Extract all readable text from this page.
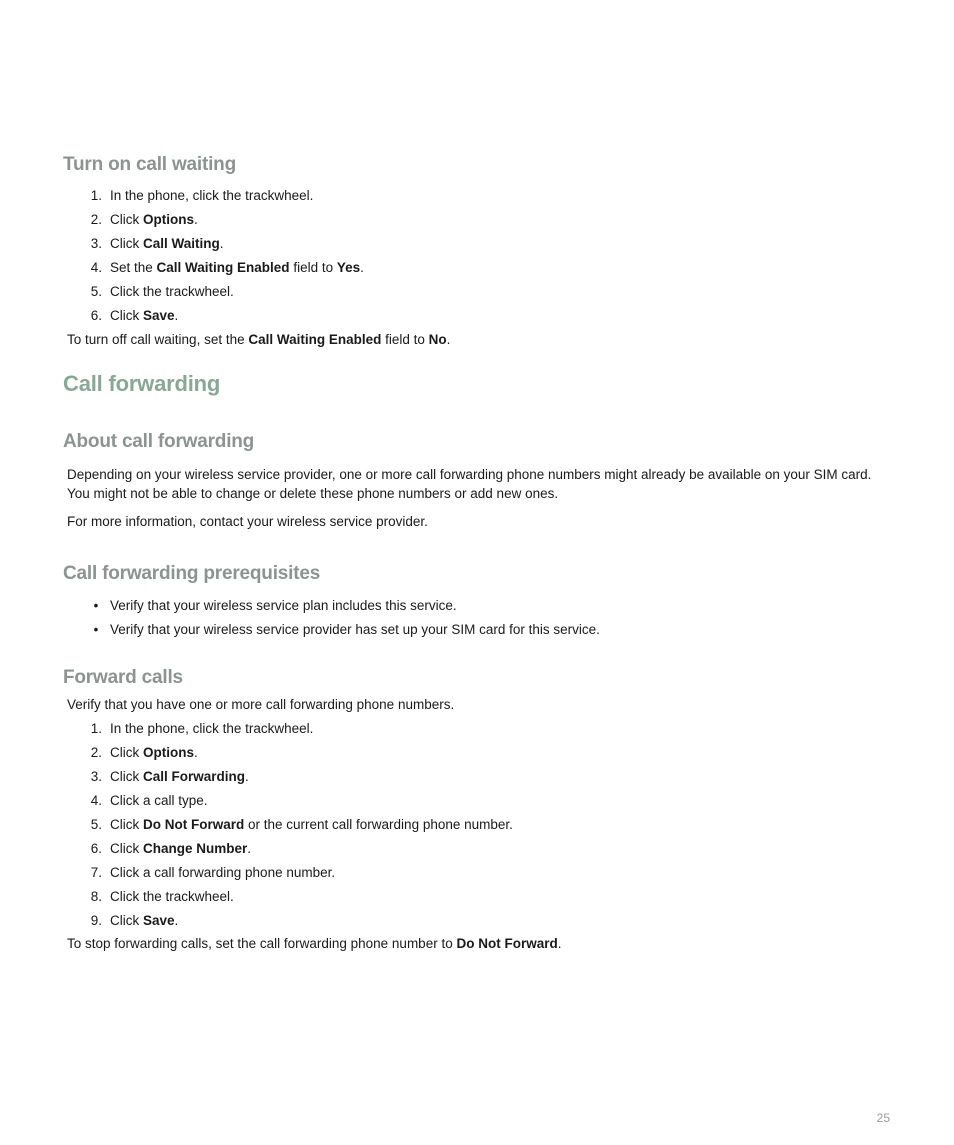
Turn on call waiting
1. In the phone, click the trackwheel.
2. Click Options.
3. Click Call Waiting.
4. Set the Call Waiting Enabled field to Yes.
5. Click the trackwheel.
6. Click Save.

To turn off call waiting, set the Call Waiting Enabled field to No.

Call forwarding
About call forwarding

Depending on your wireless service provider, one or more call forwarding phone numbers might already be available on your SIM card. You might not be able to change or delete these phone numbers or add new ones.

For more information, contact your wireless service provider.

Call forwarding prerequisites
• Verify that your wireless service plan includes this service.
• Verify that your wireless service provider has set up your SIM card for this service.
Forward calls

Verify that you have one or more call forwarding phone numbers.

1. In the phone, click the trackwheel.
2. Click Options.
3. Click Call Forwarding.
4. Click a call type.
5. Click Do Not Forward or the current call forwarding phone number.
6. Click Change Number.
7. Click a call forwarding phone number.
8. Click the trackwheel.
9. Click Save.

To stop forwarding calls, set the call forwarding phone number to Do Not Forward.

25
